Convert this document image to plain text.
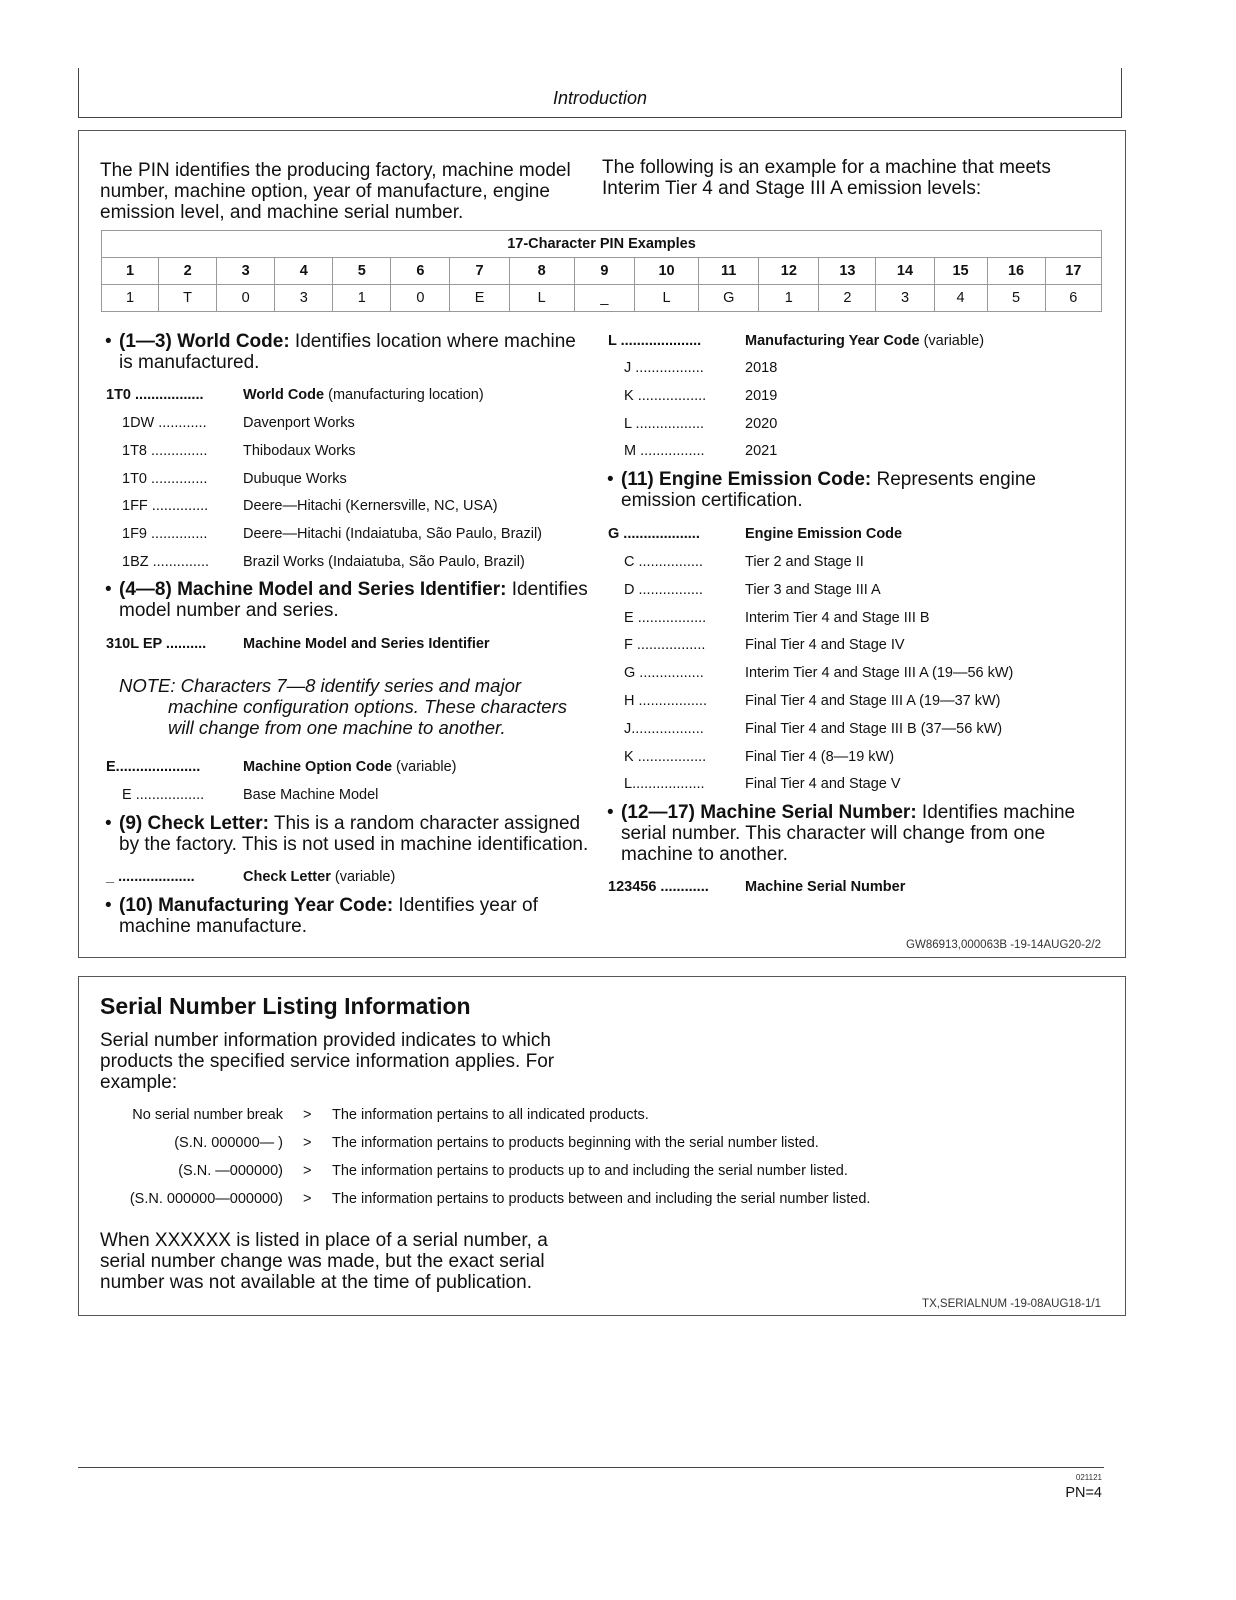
Introduction
The PIN identifies the producing factory, machine model number, machine option, year of manufacture, engine emission level, and machine serial number.
The following is an example for a machine that meets Interim Tier 4 and Stage III A emission levels:
17-Character PIN Examples																
1	2	3	4	5	6	7	8	9	10	11	12	13	14	15	16	17
1	T	0	3	1	0	E	L	_	L	G	1	2	3	4	5	6
• (1—3) World Code: Identifies location where machine is manufactured.
1T0 .................	World Code (manufacturing location)
1DW ............	Davenport Works
1T8 .............. Thibodaux Works
1T0 .............. Dubuque Works
1FF .............. Deere—Hitachi (Kernersville, NC, USA)
1F9 .............. Deere—Hitachi (Indaiatuba, São Paulo, Brazil)
1BZ .............. Brazil Works (Indaiatuba, São Paulo, Brazil)
• (4—8) Machine Model and Series Identifier: Identifies model number and series.
310L EP ..........	Machine Model and Series Identifier
NOTE: Characters 7—8 identify series and major
machine configuration options. These characters
will change from one machine to another.
E.....................	Machine Option Code (variable)
E .................	Base Machine Model
• (9) Check Letter: This is a random character assigned by the factory. This is not used in machine identification.
_ ...................	Check Letter (variable)
• (10) Manufacturing Year Code: Identifies year of machine manufacture.
L ....................	Manufacturing Year Code (variable)
J .................	2018
K .................	2019
L .................	2020
M ................	2021
• (11) Engine Emission Code: Represents engine emission certification.
G ...................	Engine Emission Code
C ................	Tier 2 and Stage II
D ................	Tier 3 and Stage III A
E .................	Interim Tier 4 and Stage III B
F .................	Final Tier 4 and Stage IV
G ................	Interim Tier 4 and Stage III A (19—56 kW)
H .................	Final Tier 4 and Stage III A (19—37 kW)
J..................	Final Tier 4 and Stage III B (37—56 kW)
K .................	Final Tier 4 (8—19 kW)
L..................	Final Tier 4 and Stage V
• (12—17) Machine Serial Number: Identifies machine serial number. This character will change from one machine to another.
123456 ............ Machine Serial Number
GW86913,000063B -19-14AUG20-2/2
Serial Number Listing Information
Serial number information provided indicates to which products the specified service information applies. For example:
No serial number break > The information pertains to all indicated products.
(S.N. 000000— ) > The information pertains to products beginning with the serial number listed.
(S.N. —000000) > The information pertains to products up to and including the serial number listed.
(S.N. 000000—000000) > The information pertains to products between and including the serial number listed.
When XXXXXX is listed in place of a serial number, a serial number change was made, but the exact serial number was not available at the time of publication.
TX,SERIALNUM -19-08AUG18-1/1
021121
PN=4
